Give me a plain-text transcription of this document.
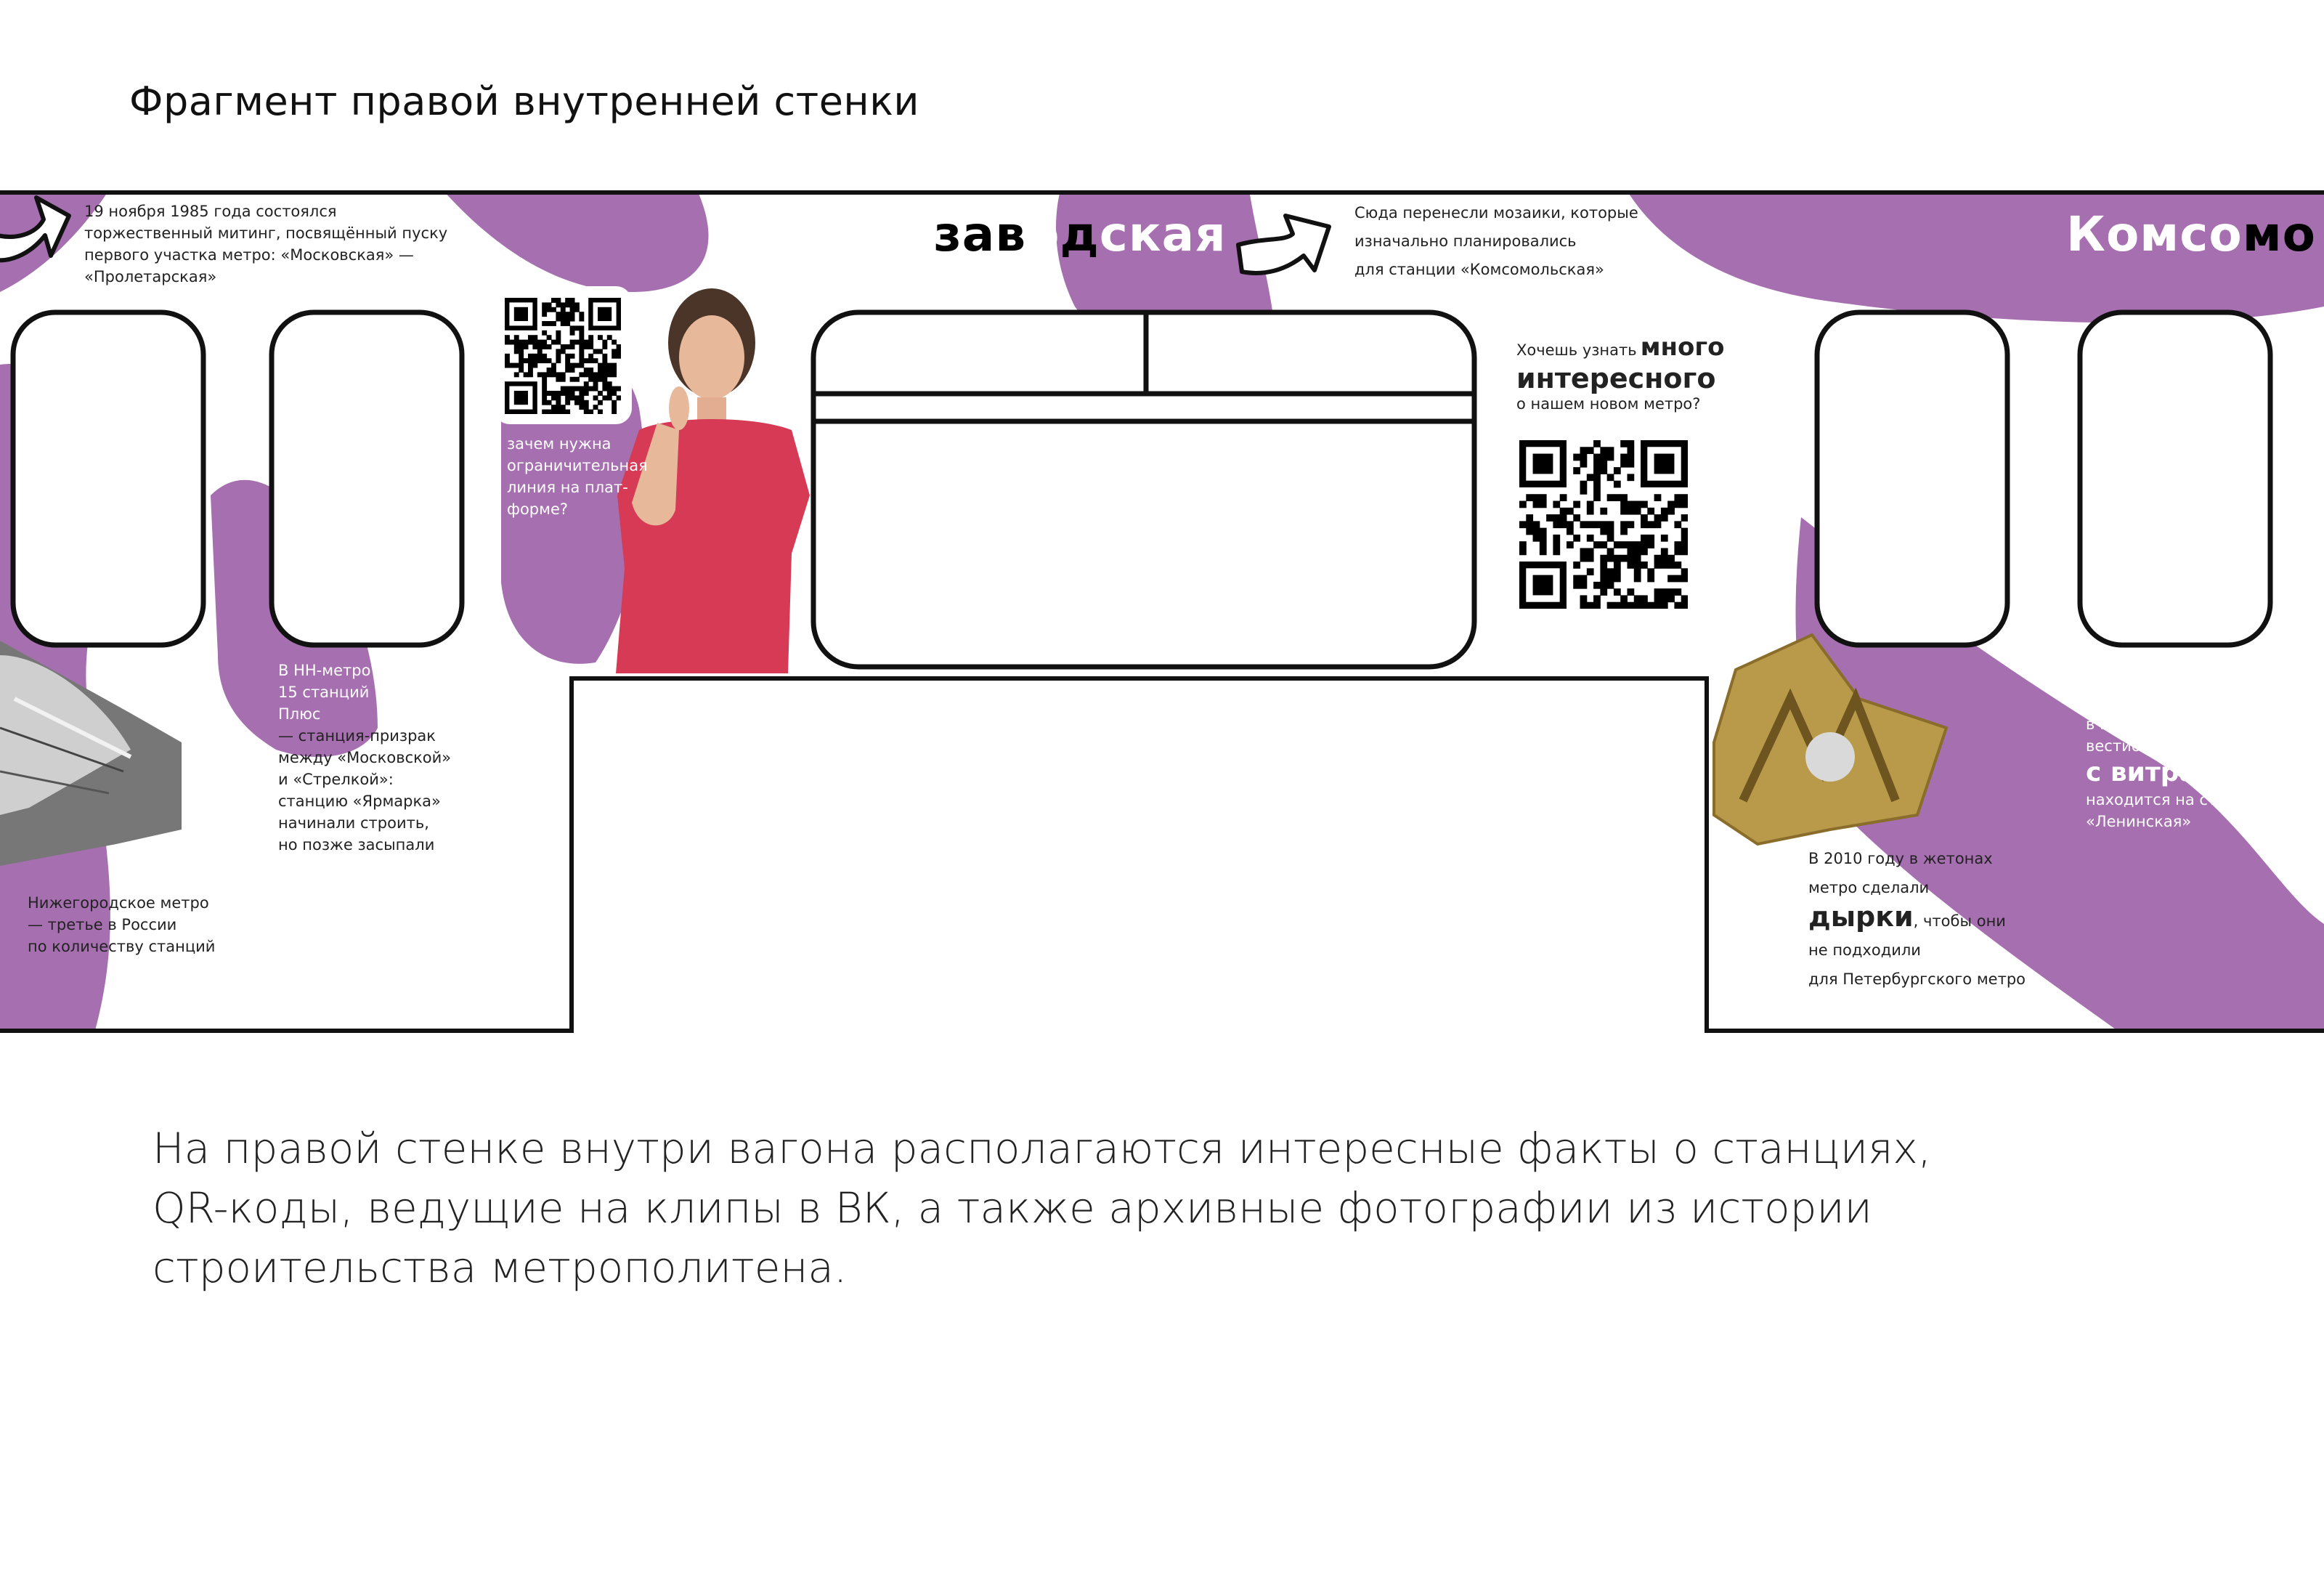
Фрагмент правой внутренней стенки
Автозаводская	Комсомо
19 ноября 1985 года состоялся торжественный митинг, посвящённый пуску первого участка метро: «Московская» — «Пролетарская»
Сюда перенесли мозаики, которые
изначально планировались
для станции «Комсомольская»
зачем нужна
ограничительная
линия на плат-
форме?
В НН-метро
15 станций
Плюс
— станция-призрак
между «Московской»
и «Стрелкой»:
станцию «Ярмарка»
начинали строить,
но позже засыпали
Нижегородское метро
— третье в России
по количеству станций
Хочешь узнать много
интересного
о нашем новом метро?
В 2010 году в жетонах
метро сделали
дырки, чтобы они
не подходили
для Петербургского метро
Единственный
в Нижнем Новгороде
вестибюль метро
с витражами
находится на станции
«Ленинская»
На правой стенке внутри вагона располагаются интересные факты о станциях,
QR-коды, ведущие на клипы в ВК, а также архивные фотографии из истории
строительства метрополитена.
